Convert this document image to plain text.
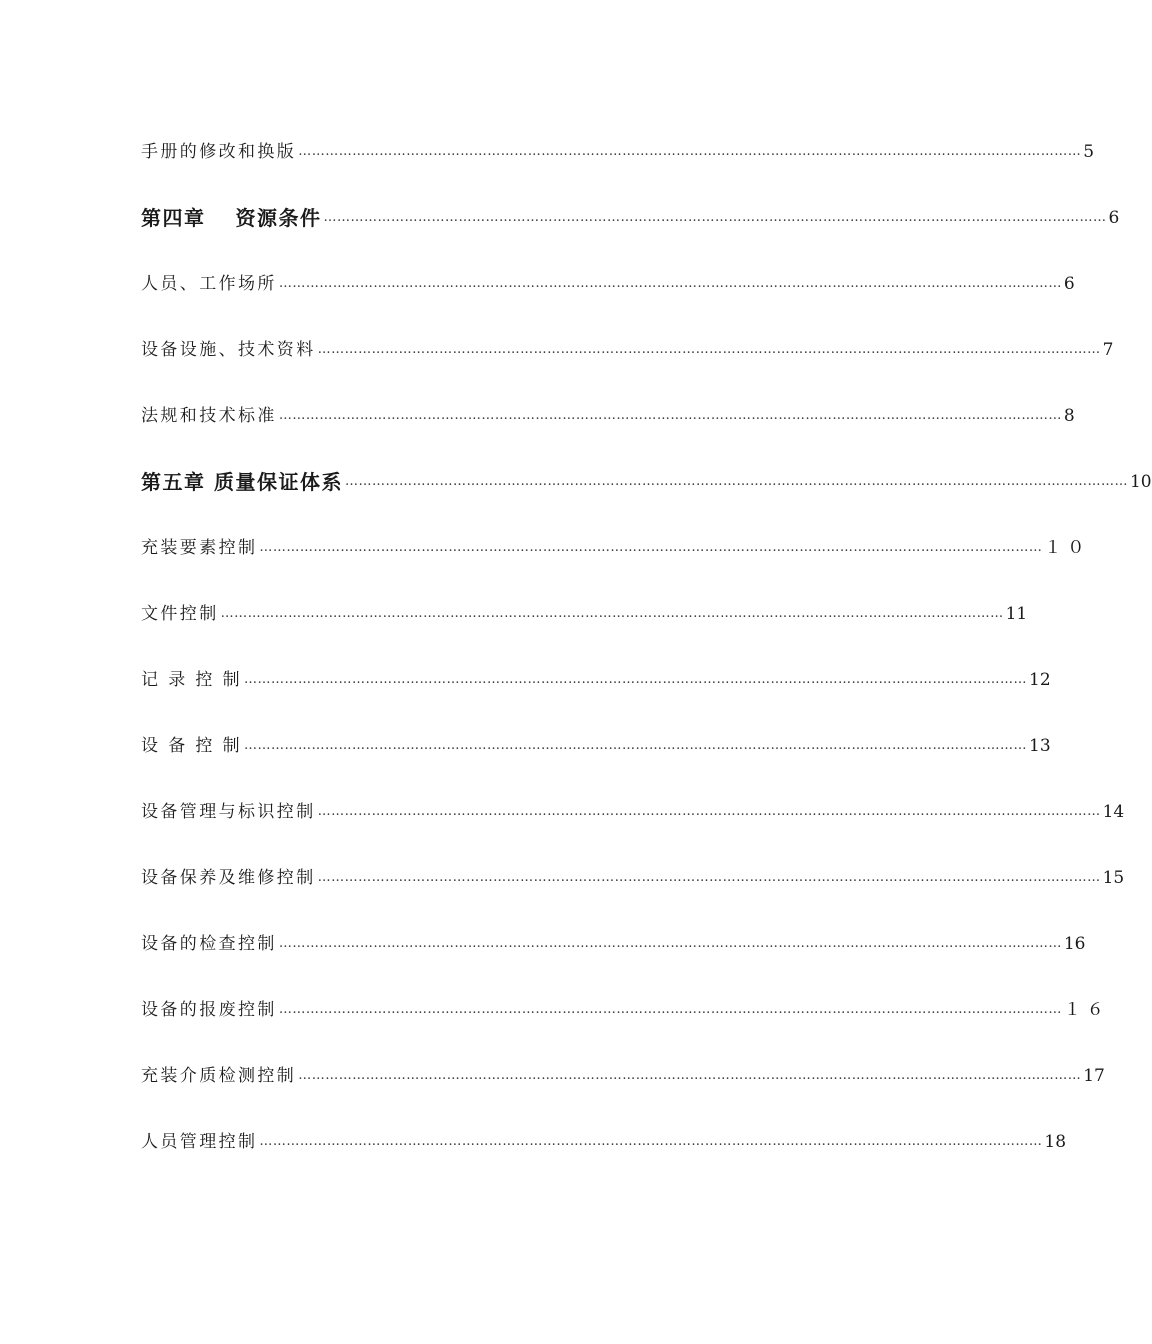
手册的修改和换版 ………………………………………………………………………………………………………………………………………………………… 5
第四章　 资源条件 ………………………………………………………………………………………………………………………………………………………… 6
人员、工作场所 ………………………………………………………………………………………………………………………………………………………… 6
设备设施、技术资料 ………………………………………………………………………………………………………………………………………………………… 7
法规和技术标准 ………………………………………………………………………………………………………………………………………………………… 8
第五章 质量保证体系 ………………………………………………………………………………………………………………………………………………………… 10
充装要素控制 ………………………………………………………………………………………………………………………………………………………… １０
文件控制 ………………………………………………………………………………………………………………………………………………………… 11
记 录 控 制 ………………………………………………………………………………………………………………………………………………………… 12
设 备 控 制 ………………………………………………………………………………………………………………………………………………………… 13
设备管理与标识控制 ………………………………………………………………………………………………………………………………………………………… 14
设备保养及维修控制 ………………………………………………………………………………………………………………………………………………………… 15
设备的检查控制 ………………………………………………………………………………………………………………………………………………………… 16
设备的报废控制 ………………………………………………………………………………………………………………………………………………………… １６
充装介质检测控制 ………………………………………………………………………………………………………………………………………………………… 17
人员管理控制 ………………………………………………………………………………………………………………………………………………………… 18
